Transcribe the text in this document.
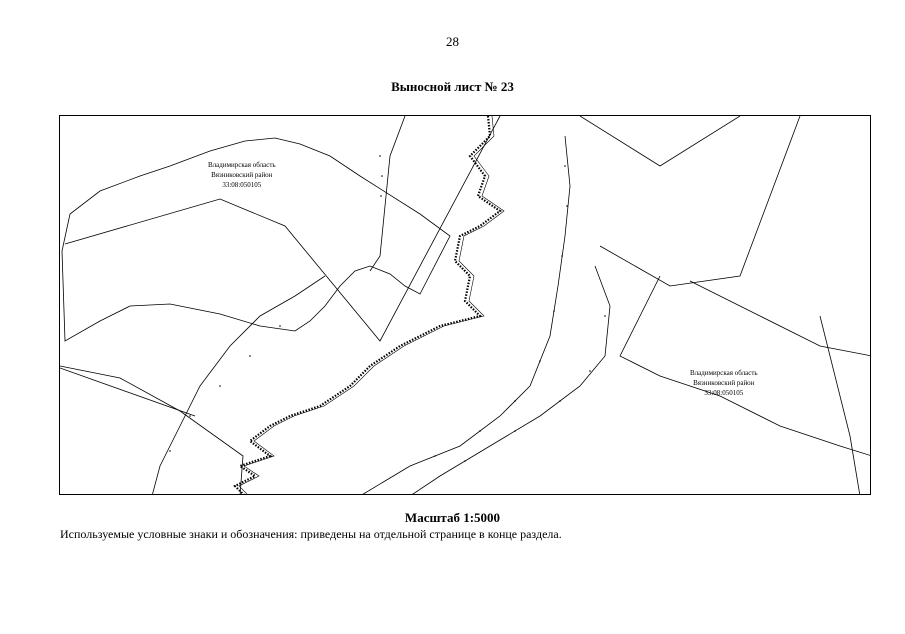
28
Выносной лист № 23
Владимирская область
Вязниковский район
33:08:050105
Владимирская область
Вязниковский район
33:08:050105
Масштаб 1:5000
Используемые условные знаки и обозначения: приведены на отдельной странице в конце раздела.
